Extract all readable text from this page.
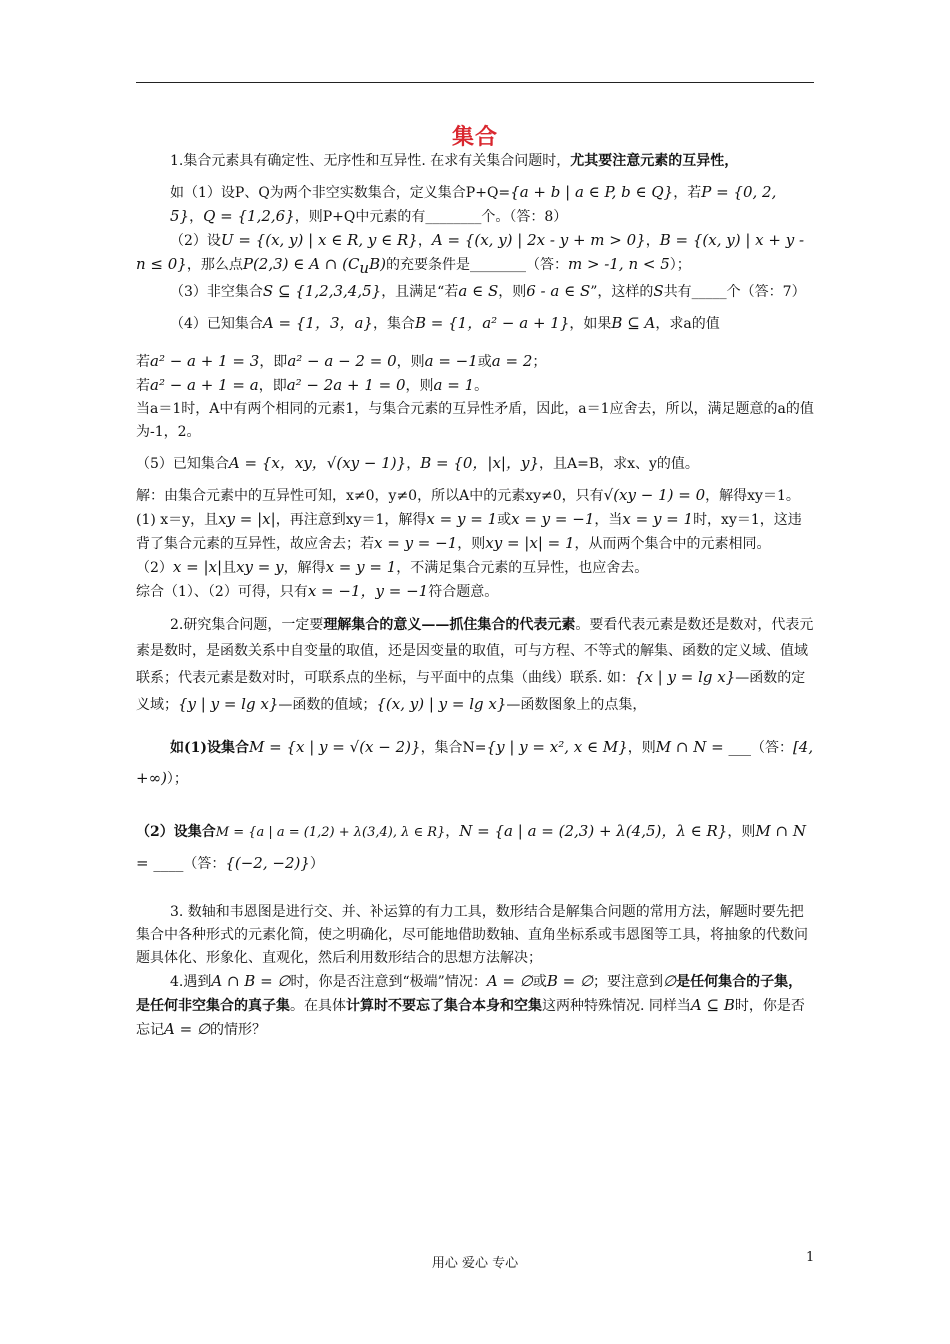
集合

1.集合元素具有确定性、无序性和互异性. 在求有关集合问题时，尤其要注意元素的互异性，

如（1）设P、Q为两个非空实数集合，定义集合P+Q={a + b | a ∈ P, b ∈ Q}，若P = {0, 2, 5}，Q = {1,2,6}，则P+Q中元素的有________个。（答：8）

（2）设U = {(x, y) | x ∈ R, y ∈ R}，A = {(x, y) | 2x - y + m > 0}，B = {(x, y) | x + y - n ≤ 0}，那么点P(2,3) ∈ A ∩ $(C_uB)$的充要条件是________（答：m > -1, n < 5）；

（3）非空集合S ⊆ {1,2,3,4,5}，且满足“若a ∈ S，则6 - a ∈ S”，这样的S共有_____个（答：7）

（4）已知集合A = {1，3，a}，集合B = {1，a² − a + 1}，如果B ⊆ A，求a的值

若a² − a + 1 = 3，即a² − a − 2 = 0，则a = −1或a = 2；

若a² − a + 1 = a，即a² − 2a + 1 = 0，则a = 1。

当a＝1时，A中有两个相同的元素1，与集合元素的互异性矛盾，因此，a＝1应舍去，所以，满足题意的a的值为-1，2。

（5）已知集合A = {x，xy，√(xy − 1)}，B = {0，|x|，y}，且A=B，求x、y的值。

解：由集合元素中的互异性可知，x≠0，y≠0，所以A中的元素xy≠0，只有√(xy − 1) = 0，解得xy＝1。

(1) x＝y，且xy = |x|，再注意到xy＝1，解得x = y = 1或x = y = −1，当x = y = 1时，xy＝1，这违背了集合元素的互异性，故应舍去；若x = y = −1，则xy = |x| = 1，从而两个集合中的元素相同。

（2）x = |x|且xy = y，解得x = y = 1，不满足集合元素的互异性，也应舍去。

综合（1）、（2）可得，只有x = −1，y = −1符合题意。

2.研究集合问题，一定要理解集合的意义——抓住集合的代表元素。要看代表元素是数还是数对，代表元素是数时，是函数关系中自变量的取值，还是因变量的取值，可与方程、不等式的解集、函数的定义域、值域联系；代表元素是数对时，可联系点的坐标，与平面中的点集（曲线）联系. 如：{x | y = lg x}—函数的定义域；{y | y = lg x}—函数的值域；{(x, y) | y = lg x}—函数图象上的点集，

如(1)设集合M = {x | y = √(x − 2)}，集合N={y | y = x², x ∈ M}，则M ∩ N = ___（答：[4, +∞)）；

（2）设集合M = {a | a = (1,2) + λ(3,4), λ ∈ R}，N = {a | a = (2,3) + λ(4,5)，λ ∈ R}，则M ∩ N = ____（答：{(−2, −2)}）

3. 数轴和韦恩图是进行交、并、补运算的有力工具，数形结合是解集合问题的常用方法，解题时要先把集合中各种形式的元素化简，使之明确化，尽可能地借助数轴、直角坐标系或韦恩图等工具，将抽象的代数问题具体化、形象化、直观化，然后利用数形结合的思想方法解决；

4.遇到A ∩ B = ∅时，你是否注意到“极端”情况：A = ∅或B = ∅；要注意到∅是任何集合的子集，是任何非空集合的真子集。在具体计算时不要忘了集合本身和空集这两种特殊情况. 同样当A ⊆ B时，你是否忘记A = ∅的情形？

用心 爱心 专心	1
